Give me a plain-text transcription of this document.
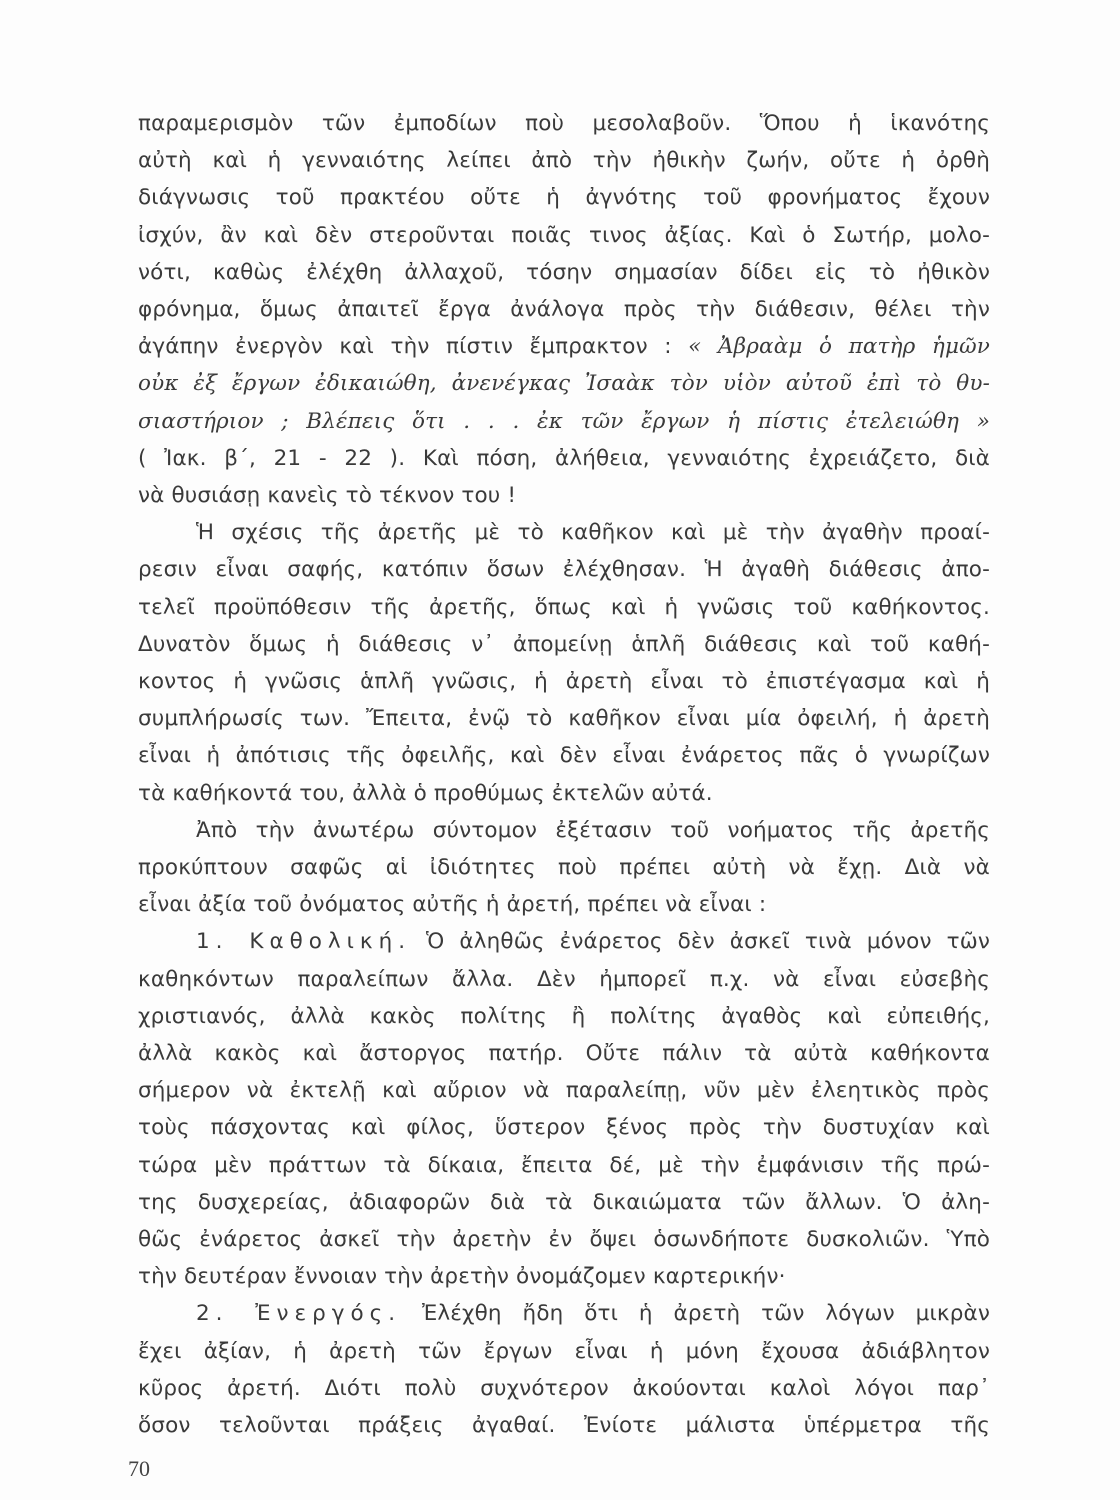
παραμερισμὸν τῶν ἐμποδίων ποὺ μεσολαβοῦν. Ὅπου ἡ ἱκανότης
αὐτὴ καὶ ἡ γενναιότης λείπει ἀπὸ τὴν ἠθικὴν ζωήν, οὔτε ἡ ὀρθὴ
διάγνωσις τοῦ πρακτέου οὔτε ἡ ἀγνότης τοῦ φρονήματος ἔχουν
ἰσχύν, ἂν καὶ δὲν στεροῦνται ποιᾶς τινος ἀξίας. Καὶ ὁ Σωτήρ, μολο-
νότι, καθὼς ἐλέχθη ἀλλαχοῦ, τόσην σημασίαν δίδει εἰς τὸ ἠθικὸν
φρόνημα, ὅμως ἀπαιτεῖ ἔργα ἀνάλογα πρὸς τὴν διάθεσιν, θέλει τὴν
ἀγάπην ἐνεργὸν καὶ τὴν πίστιν ἔμπρακτον : « Ἀβραὰμ ὁ πατὴρ ἡμῶν
οὐκ ἐξ ἔργων ἐδικαιώθη, ἀνενέγκας Ἰσαὰκ τὸν υἱὸν αὐτοῦ ἐπὶ τὸ θυ-
σιαστήριον ; Βλέπεις ὅτι . . . ἐκ τῶν ἔργων ἡ πίστις ἐτελειώθη »
( Ἰακ. β΄, 21 - 22 ). Καὶ πόση, ἀλήθεια, γενναιότης ἐχρειάζετο, διὰ
νὰ θυσιάσῃ κανεὶς τὸ τέκνον του !
Ἡ σχέσις τῆς ἀρετῆς μὲ τὸ καθῆκον καὶ μὲ τὴν ἀγαθὴν προαί-
ρεσιν εἶναι σαφής, κατόπιν ὅσων ἐλέχθησαν. Ἡ ἀγαθὴ διάθεσις ἀπο-
τελεῖ προϋπόθεσιν τῆς ἀρετῆς, ὅπως καὶ ἡ γνῶσις τοῦ καθήκοντος.
Δυνατὸν ὅμως ἡ διάθεσις ν᾽ ἀπομείνῃ ἁπλῆ διάθεσις καὶ τοῦ καθή-
κοντος ἡ γνῶσις ἁπλῆ γνῶσις, ἡ ἀρετὴ εἶναι τὸ ἐπιστέγασμα καὶ ἡ
συμπλήρωσίς των. Ἔπειτα, ἐνῷ τὸ καθῆκον εἶναι μία ὀφειλή, ἡ ἀρετὴ
εἶναι ἡ ἀπότισις τῆς ὀφειλῆς, καὶ δὲν εἶναι ἐνάρετος πᾶς ὁ γνωρίζων
τὰ καθήκοντά του, ἀλλὰ ὁ προθύμως ἐκτελῶν αὐτά.
Ἀπὸ τὴν ἀνωτέρω σύντομον ἐξέτασιν τοῦ νοήματος τῆς ἀρετῆς
προκύπτουν σαφῶς αἱ ἰδιότητες ποὺ πρέπει αὐτὴ νὰ ἔχῃ. Διὰ νὰ
εἶναι ἀξία τοῦ ὀνόματος αὐτῆς ἡ ἀρετή, πρέπει νὰ εἶναι :
1. Καθολική. Ὁ ἀληθῶς ἐνάρετος δὲν ἀσκεῖ τινὰ μόνον τῶν
καθηκόντων παραλείπων ἄλλα. Δὲν ἠμπορεῖ π.χ. νὰ εἶναι εὐσεβὴς
χριστιανός, ἀλλὰ κακὸς πολίτης ἢ πολίτης ἀγαθὸς καὶ εὐπειθής,
ἀλλὰ κακὸς καὶ ἄστοργος πατήρ. Οὔτε πάλιν τὰ αὐτὰ καθήκοντα
σήμερον νὰ ἐκτελῇ καὶ αὔριον νὰ παραλείπῃ, νῦν μὲν ἐλεητικὸς πρὸς
τοὺς πάσχοντας καὶ φίλος, ὕστερον ξένος πρὸς τὴν δυστυχίαν καὶ
τώρα μὲν πράττων τὰ δίκαια, ἔπειτα δέ, μὲ τὴν ἐμφάνισιν τῆς πρώ-
της δυσχερείας, ἀδιαφορῶν διὰ τὰ δικαιώματα τῶν ἄλλων. Ὁ ἀλη-
θῶς ἐνάρετος ἀσκεῖ τὴν ἀρετὴν ἐν ὄψει ὁσωνδήποτε δυσκολιῶν. Ὑπὸ
τὴν δευτέραν ἔννοιαν τὴν ἀρετὴν ὀνομάζομεν καρτερικήν·
2. Ἐνεργός. Ἐλέχθη ἤδη ὅτι ἡ ἀρετὴ τῶν λόγων μικρὰν
ἔχει ἀξίαν, ἡ ἀρετὴ τῶν ἔργων εἶναι ἡ μόνη ἔχουσα ἀδιάβλητον
κῦρος ἀρετή. Διότι πολὺ συχνότερον ἀκούονται καλοὶ λόγοι παρ᾽
ὅσον τελοῦνται πράξεις ἀγαθαί. Ἐνίοτε μάλιστα ὑπέρμετρα τῆς
70
